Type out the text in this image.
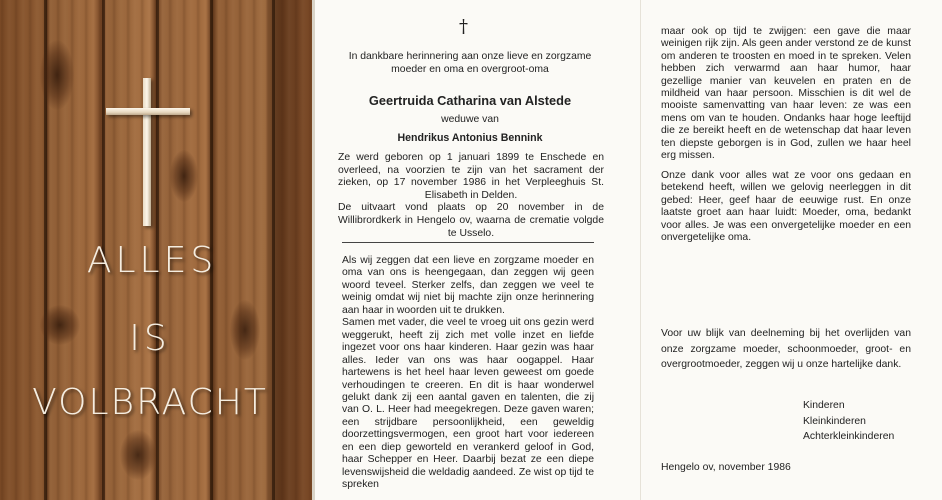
ALLES
IS
VOLBRACHT
†
In dankbare herinnering aan onze lieve en zorgzame moeder en oma en overgroot-oma
Geertruida Catharina van Alstede
weduwe van
Hendrikus Antonius Bennink

Ze werd geboren op 1 januari 1899 te Enschede en overleed, na voorzien te zijn van het sacrament der zieken, op 17 november 1986 in het Verpleeghuis St. Elisabeth in Delden.

De uitvaart vond plaats op 20 november in de Willibrordkerk in Hengelo ov, waarna de crematie volgde te Usselo.

Als wij zeggen dat een lieve en zorgzame moeder en oma van ons is heengegaan, dan zeggen wij geen woord teveel. Sterker zelfs, dan zeggen we veel te weinig omdat wij niet bij machte zijn onze herinnering aan haar in woorden uit te drukken.

Samen met vader, die veel te vroeg uit ons gezin werd weggerukt, heeft zij zich met volle inzet en liefde ingezet voor ons haar kinderen. Haar gezin was haar alles. Ieder van ons was haar oogappel. Haar hartewens is het heel haar leven geweest om goede verhoudingen te creeren. En dit is haar wonderwel gelukt dank zij een aantal gaven en talenten, die zij van O. L. Heer had meegekregen. Deze gaven waren; een strijdbare persoonlijkheid, een geweldig doorzettingsvermogen, een groot hart voor iedereen en een diep geworteld en verankerd geloof in God, haar Schepper en Heer. Daarbij bezat ze een diepe levenswijsheid die weldadig aandeed. Ze wist op tijd te spreken

maar ook op tijd te zwijgen: een gave die maar weinigen rijk zijn. Als geen ander verstond ze de kunst om anderen te troosten en moed in te spreken. Velen hebben zich verwarmd aan haar humor, haar gezellige manier van keuvelen en praten en de mildheid van haar persoon. Misschien is dit wel de mooiste samenvatting van haar leven: ze was een mens om van te houden. Ondanks haar hoge leeftijd die ze bereikt heeft en de wetenschap dat haar leven ten diepste geborgen is in God, zullen we haar heel erg missen.
Onze dank voor alles wat ze voor ons gedaan en betekend heeft, willen we gelovig neerleggen in dit gebed: Heer, geef haar de eeuwige rust. En onze laatste groet aan haar luidt: Moeder, oma, bedankt voor alles. Je was een onvergetelijke moeder en een onvergetelijke oma.
Voor uw blijk van deelneming bij het overlijden van onze zorgzame moeder, schoonmoeder, groot- en overgrootmoeder, zeggen wij u onze hartelijke dank.
Kinderen
Kleinkinderen
Achterkleinkinderen
Hengelo ov, november 1986
